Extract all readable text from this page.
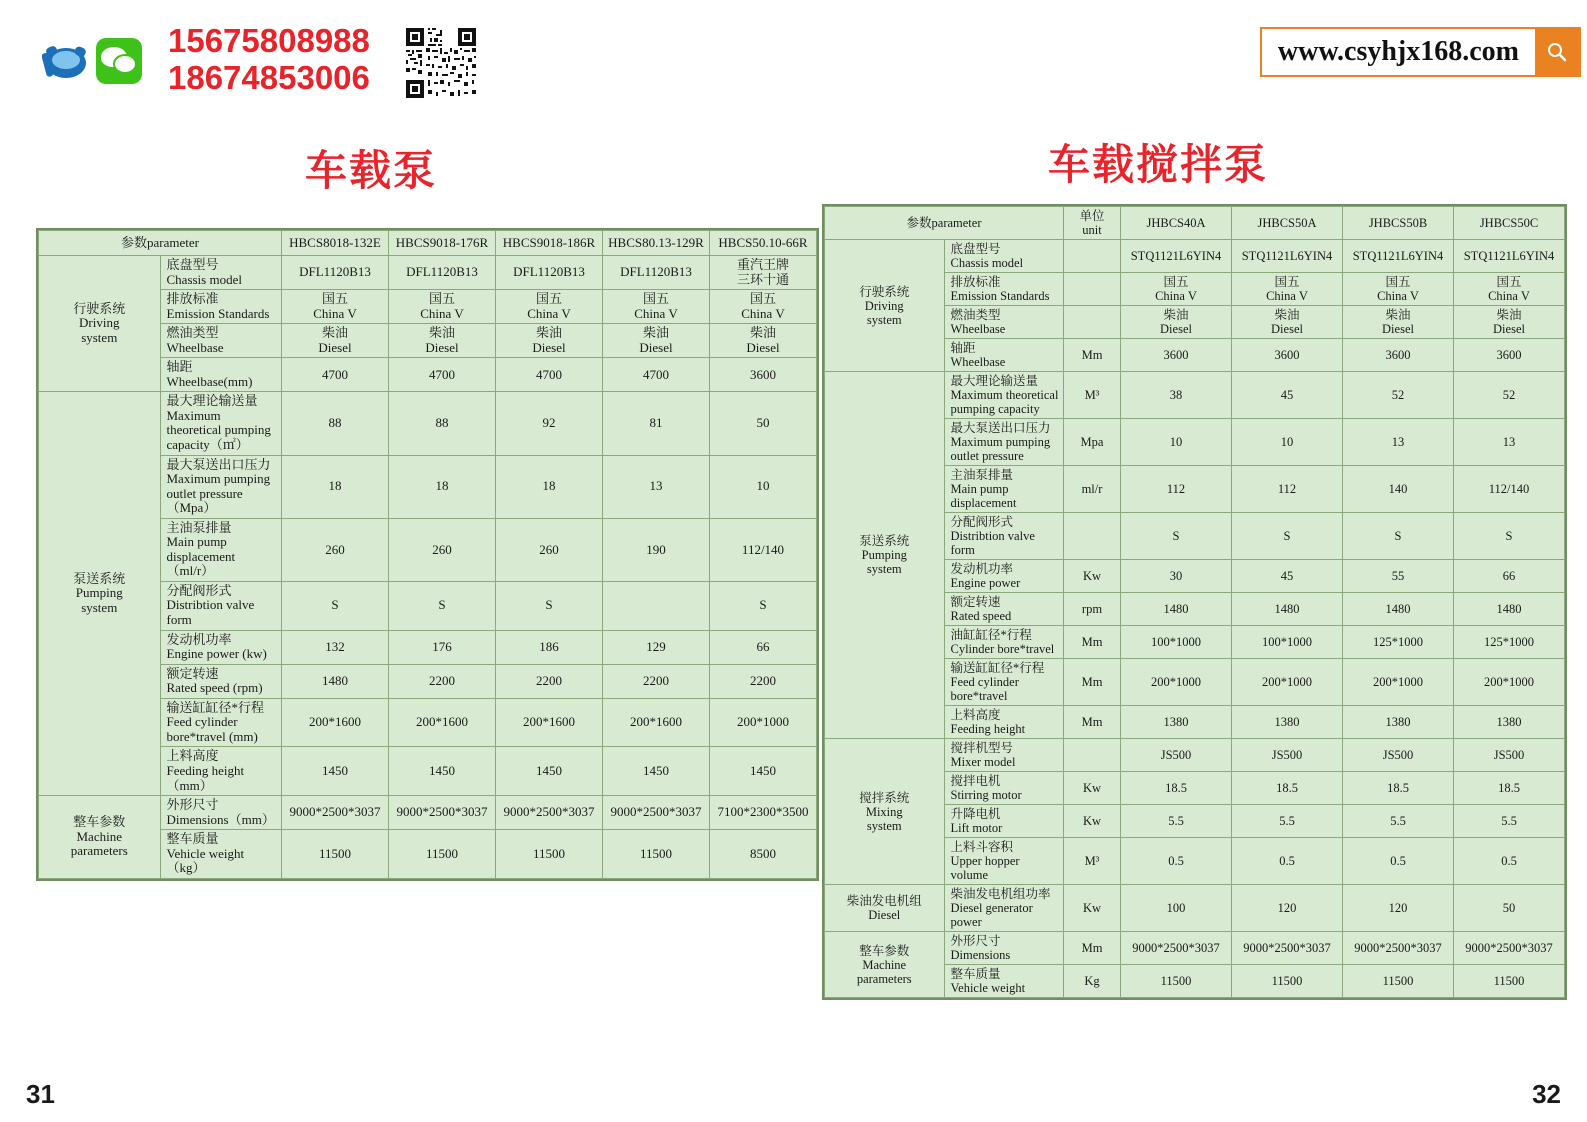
15675808988
18674853006
www.csyhjx168.com
车载泵
参数parameter		HBCS8018-132E	HBCS9018-176R	HBCS9018-186R	HBCS80.13-129R	HBCS50.10-66R

行驶系统
Driving
system	底盘型号
Chassis model	DFL1120B13	DFL1120B13	DFL1120B13	DFL1120B13	重汽王牌
三环十通

	排放标准
Emission Standards	国五
China V	国五
China V	国五
China V	国五
China V	国五
China V

	燃油类型
Wheelbase	柴油
Diesel	柴油
Diesel	柴油
Diesel	柴油
Diesel	柴油
Diesel

	轴距
Wheelbase(mm)	4700	4700	4700	4700	3600

泵送系统
Pumping
system	最大理论输送量
Maximum theoretical pumping capacity（㎡）	88	88	92	81	50

	最大泵送出口压力
Maximum pumping outlet pressure （Mpa）	18	18	18	13	10

	主油泵排量
Main pump displacement （ml/r）	260	260	260	190	112/140

	分配阀形式
Distribtion valve form	S	S	S		S

	发动机功率
Engine power (kw)	132	176	186	129	66

	额定转速
Rated speed (rpm)	1480	2200	2200	2200	2200

	输送缸缸径*行程
Feed cylinder bore*travel (mm)	200*1600	200*1600	200*1600	200*1600	200*1000

	上料高度
Feeding height （mm）	1450	1450	1450	1450	1450

整车参数
Machine
parameters	外形尺寸
Dimensions（mm）	9000*2500*3037	9000*2500*3037	9000*2500*3037	9000*2500*3037	7100*2300*3500

	整车质量
Vehicle weight （kg）	11500	11500	11500	11500	8500
31
车载搅拌泵
参数parameter		单位
unit	JHBCS40A	JHBCS50A	JHBCS50B	JHBCS50C

行驶系统
Driving
system	底盘型号
Chassis model		STQ1121L6YIN4	STQ1121L6YIN4	STQ1121L6YIN4	STQ1121L6YIN4

	排放标准
Emission Standards		国五
China V	国五
China V	国五
China V	国五
China V

	燃油类型
Wheelbase		柴油
Diesel	柴油
Diesel	柴油
Diesel	柴油
Diesel

	轴距
Wheelbase	Mm	3600	3600	3600	3600

泵送系统
Pumping
system	最大理论输送量
Maximum theoretical pumping capacity	M³	38	45	52	52

	最大泵送出口压力
Maximum pumping outlet pressure	Mpa	10	10	13	13

	主油泵排量
Main pump displacement	ml/r	112	112	140	112/140

	分配阀形式
Distribtion valve form		S	S	S	S

	发动机功率
Engine power	Kw	30	45	55	66

	额定转速
Rated speed	rpm	1480	1480	1480	1480

	油缸缸径*行程
Cylinder bore*travel	Mm	100*1000	100*1000	125*1000	125*1000

	输送缸缸径*行程
Feed cylinder bore*travel	Mm	200*1000	200*1000	200*1000	200*1000

	上料高度
Feeding height	Mm	1380	1380	1380	1380

搅拌系统
Mixing
system	搅拌机型号
Mixer model		JS500	JS500	JS500	JS500

	搅拌电机
Stirring motor	Kw	18.5	18.5	18.5	18.5

	升降电机
Lift motor	Kw	5.5	5.5	5.5	5.5

	上料斗容积
Upper hopper volume	M³	0.5	0.5	0.5	0.5

柴油发电机组
Diesel	柴油发电机组功率
Diesel generator power	Kw	100	120	120	50

整车参数
Machine
parameters	外形尺寸
Dimensions	Mm	9000*2500*3037	9000*2500*3037	9000*2500*3037	9000*2500*3037

	整车质量
Vehicle weight	Kg	11500	11500	11500	11500
32
